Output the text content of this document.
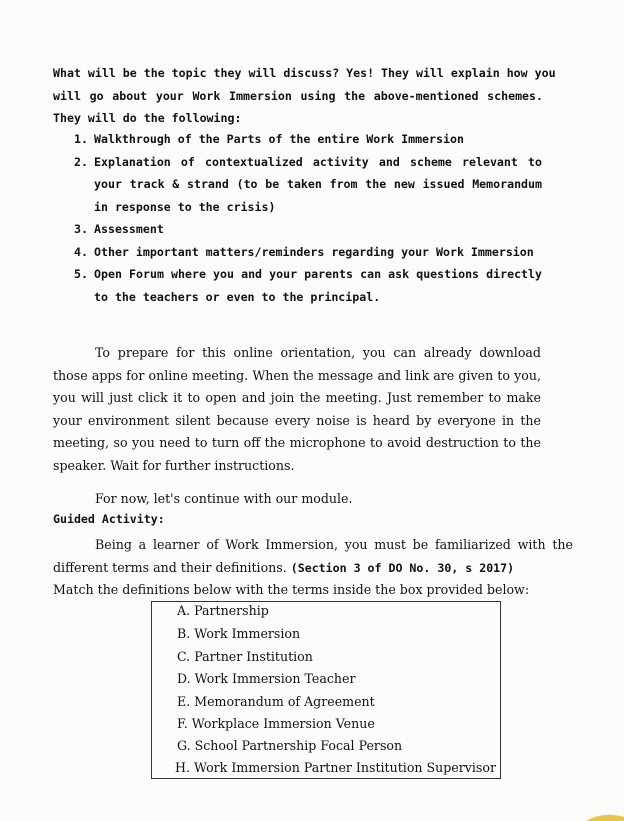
What will be the topic they will discuss? Yes! They will explain how you
will go about your Work Immersion using the above-mentioned schemes.
They will do the following:
1. Walkthrough of the Parts of the entire Work Immersion
2. Explanation of contextualized activity and scheme relevant to your track & strand (to be taken from the new issued Memorandum in response to the crisis)
3. Assessment
4. Other important matters/reminders regarding your Work Immersion
5. Open Forum where you and your parents can ask questions directly to the teachers or even to the principal.

To prepare for this online orientation, you can already download those apps for online meeting. When the message and link are given to you, you will just click it to open and join the meeting. Just remember to make your environment silent because every noise is heard by everyone in the meeting, so you need to turn off the microphone to avoid destruction to the speaker. Wait for further instructions.

For now, let's continue with our module.

Guided Activity:

Being a learner of Work Immersion, you must be familiarized with the different terms and their definitions. (Section 3 of DO No. 30, s 2017)

Match the definitions below with the terms inside the box provided below:
A. Partnership
B. Work Immersion
C. Partner Institution
D. Work Immersion Teacher
E. Memorandum of Agreement
F. Workplace Immersion Venue
G. School Partnership Focal Person
H. Work Immersion Partner Institution Supervisor
